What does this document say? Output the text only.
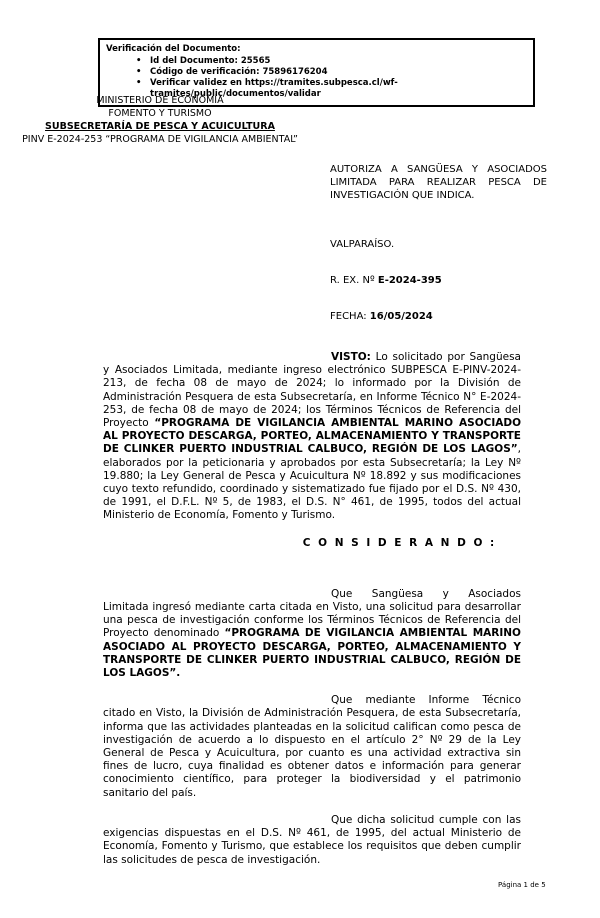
Verificación del Documento:
• Id del Documento: 25565
• Código de verificación: 75896176204
• Verificar validez en https://tramites.subpesca.cl/wf-tramites/public/documentos/validar
MINISTERIO DE ECONOMÍA
FOMENTO Y TURISMO
SUBSECRETARÍA DE PESCA Y ACUICULTURA
PINV E-2024-253 “PROGRAMA DE VIGILANCIA AMBIENTAL”

AUTORIZA A SANGÜESA Y ASOCIADOS LIMITADA PARA REALIZAR PESCA DE INVESTIGACIÓN QUE INDICA.

VALPARAÍSO.

R. EX. Nº E-2024-395

FECHA: 16/05/2024

VISTO: Lo solicitado por Sangüesa y Asociados Limitada, mediante ingreso electrónico SUBPESCA E-PINV-2024-213, de fecha 08 de mayo de 2024; lo informado por la División de Administración Pesquera de esta Subsecretaría, en Informe Técnico N° E-2024-253, de fecha 08 de mayo de 2024; los Términos Técnicos de Referencia del Proyecto “PROGRAMA DE VIGILANCIA AMBIENTAL MARINO ASOCIADO AL PROYECTO DESCARGA, PORTEO, ALMACENAMIENTO Y TRANSPORTE DE CLINKER PUERTO INDUSTRIAL CALBUCO, REGIÓN DE LOS LAGOS”, elaborados por la peticionaria y aprobados por esta Subsecretaría; la Ley Nº 19.880; la Ley General de Pesca y Acuicultura Nº 18.892 y sus modificaciones cuyo texto refundido, coordinado y sistematizado fue fijado por el D.S. Nº 430, de 1991, el D.F.L. Nº 5, de 1983, el D.S. N° 461, de 1995, todos del actual Ministerio de Economía, Fomento y Turismo.

C O N S I D E R A N D O :

Que Sangüesa y Asociados Limitada ingresó mediante carta citada en Visto, una solicitud para desarrollar una pesca de investigación conforme los Términos Técnicos de Referencia del Proyecto denominado “PROGRAMA DE VIGILANCIA AMBIENTAL MARINO ASOCIADO AL PROYECTO DESCARGA, PORTEO, ALMACENAMIENTO Y TRANSPORTE DE CLINKER PUERTO INDUSTRIAL CALBUCO, REGIÓN DE LOS LAGOS”.

Que mediante Informe Técnico citado en Visto, la División de Administración Pesquera, de esta Subsecretaría, informa que las actividades planteadas en la solicitud califican como pesca de investigación de acuerdo a lo dispuesto en el artículo 2° Nº 29 de la Ley General de Pesca y Acuicultura, por cuanto es una actividad extractiva sin fines de lucro, cuya finalidad es obtener datos e información para generar conocimiento científico, para proteger la biodiversidad y el patrimonio sanitario del país.

Que dicha solicitud cumple con las exigencias dispuestas en el D.S. Nº 461, de 1995, del actual Ministerio de Economía, Fomento y Turismo, que establece los requisitos que deben cumplir las solicitudes de pesca de investigación.

Página 1 de 5
